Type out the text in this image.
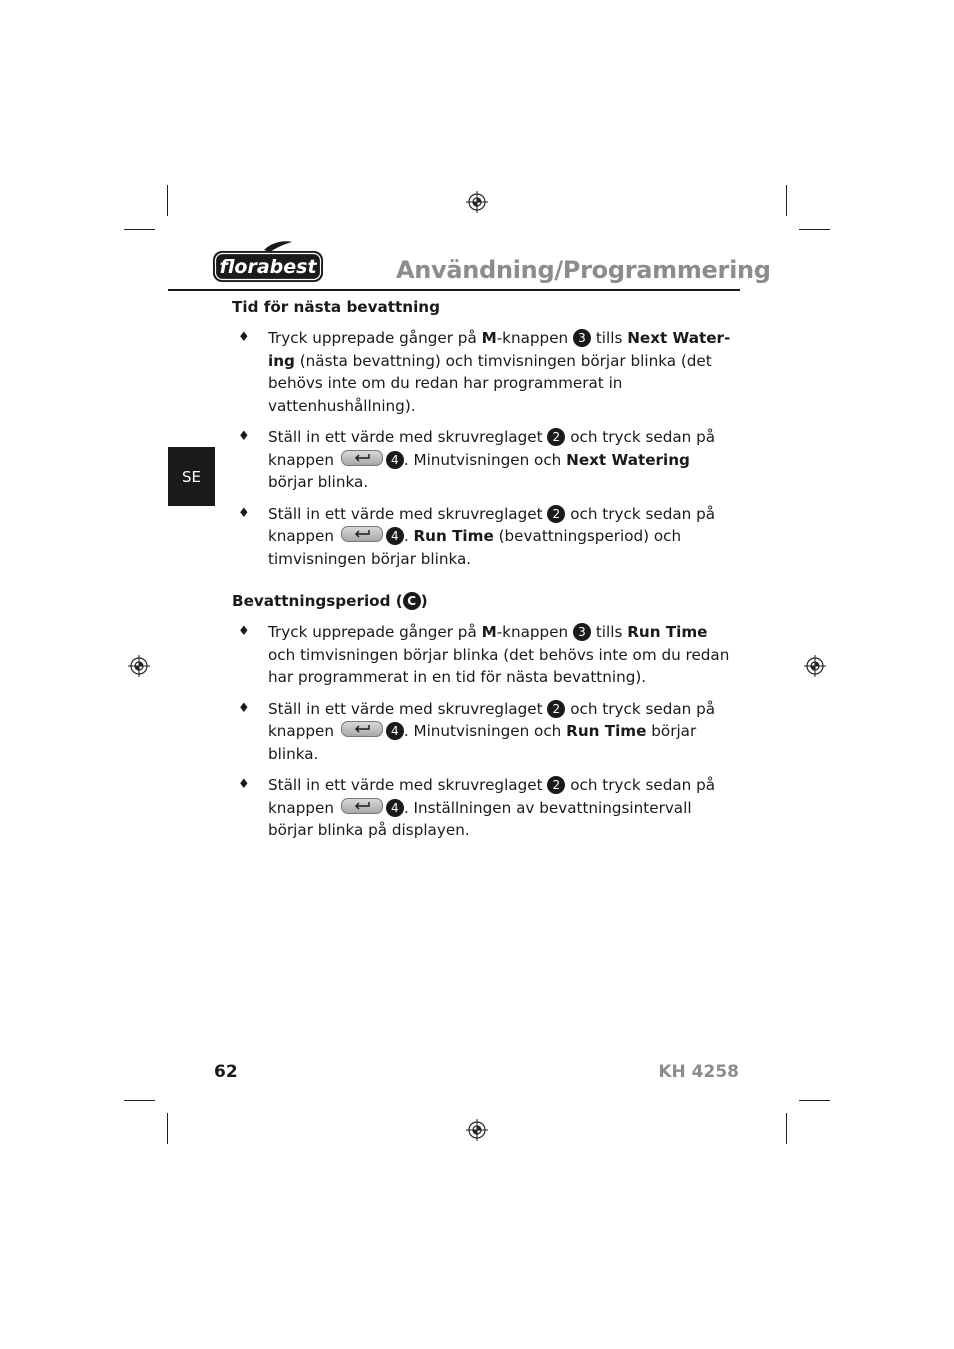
florabest	Användning/Programmering
SE
Tid för nästa bevattning
♦ Tryck upprepade gånger på M-knappen 3 tills Next Water-ing (nästa bevattning) och timvisningen börjar blinka (det behövs inte om du redan har programmerat in vattenhushållning).
♦ Ställ in ett värde med skruvreglaget 2 och tryck sedan på knappen	4 . Minutvisningen och Next Watering börjar blinka.
♦ Ställ in ett värde med skruvreglaget 2 och tryck sedan på knappen	4 . Run Time (bevattningsperiod) och timvisningen börjar blinka.
Bevattningsperiod ( C )
♦ Tryck upprepade gånger på M-knappen 3 tills Run Time och timvisningen börjar blinka (det behövs inte om du redan har programmerat in en tid för nästa bevattning).
♦ Ställ in ett värde med skruvreglaget 2 och tryck sedan på knappen	4 . Minutvisningen och Run Time börjar blinka.
♦ Ställ in ett värde med skruvreglaget 2 och tryck sedan på knappen	4 . Inställningen av bevattningsintervall börjar blinka på displayen.
62	KH 4258
